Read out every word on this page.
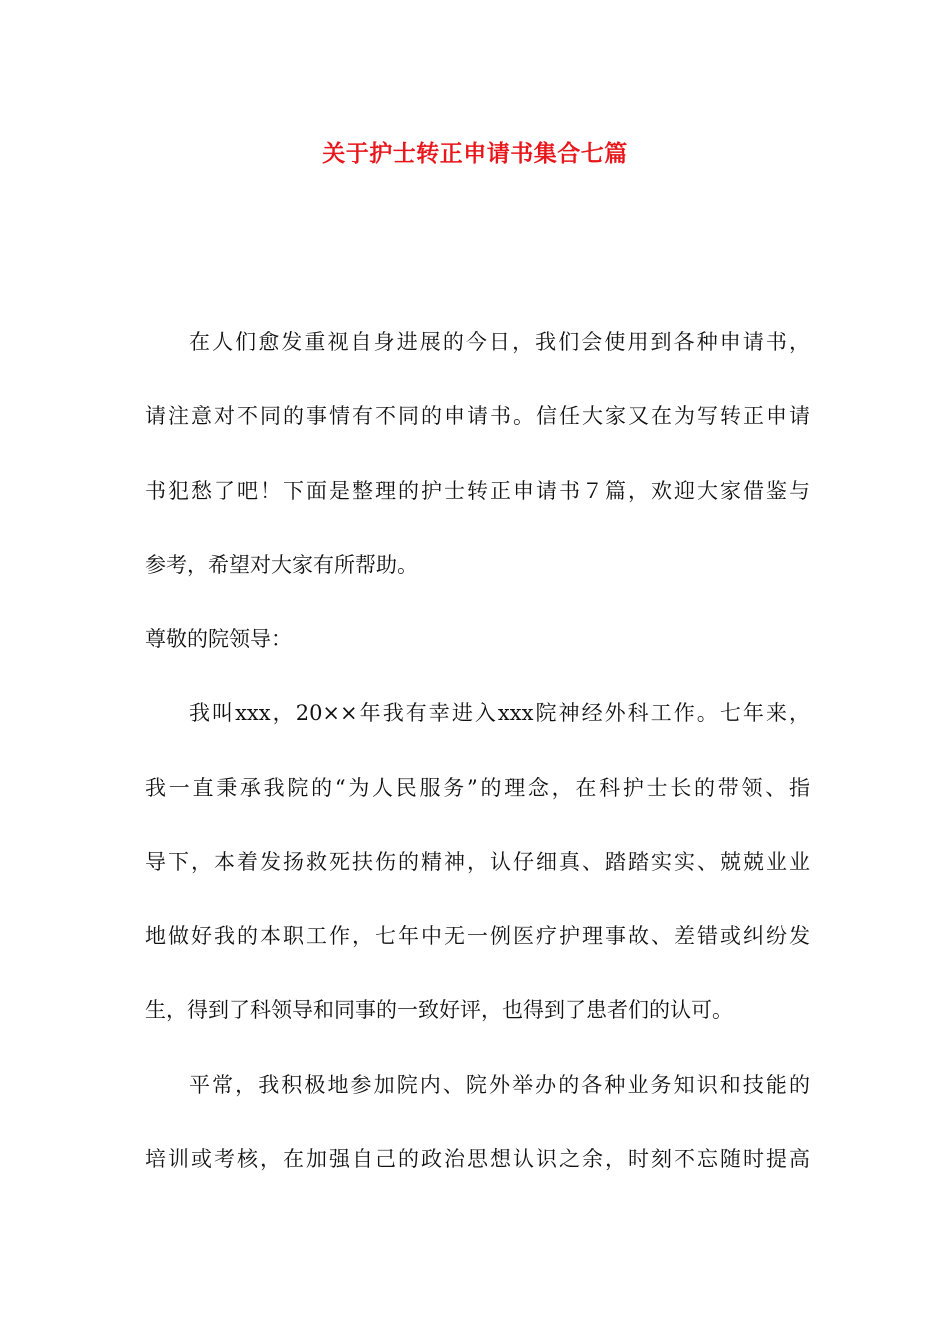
关于护士转正申请书集合七篇
在人们愈发重视自身进展的今日，我们会使用到各种申请书，
请注意对不同的事情有不同的申请书。信任大家又在为写转正申请
书犯愁了吧！下面是整理的护士转正申请书７篇，欢迎大家借鉴与
参考，希望对大家有所帮助。
尊敬的院领导：
我叫xxx，20××年我有幸进入xxx院神经外科工作。七年来，
我一直秉承我院的“为人民服务”的理念，在科护士长的带领、指
导下，本着发扬救死扶伤的精神，认仔细真、踏踏实实、兢兢业业
地做好我的本职工作，七年中无一例医疗护理事故、差错或纠纷发
生，得到了科领导和同事的一致好评，也得到了患者们的认可。
平常，我积极地参加院内、院外举办的各种业务知识和技能的
培训或考核，在加强自己的政治思想认识之余，时刻不忘随时提高
